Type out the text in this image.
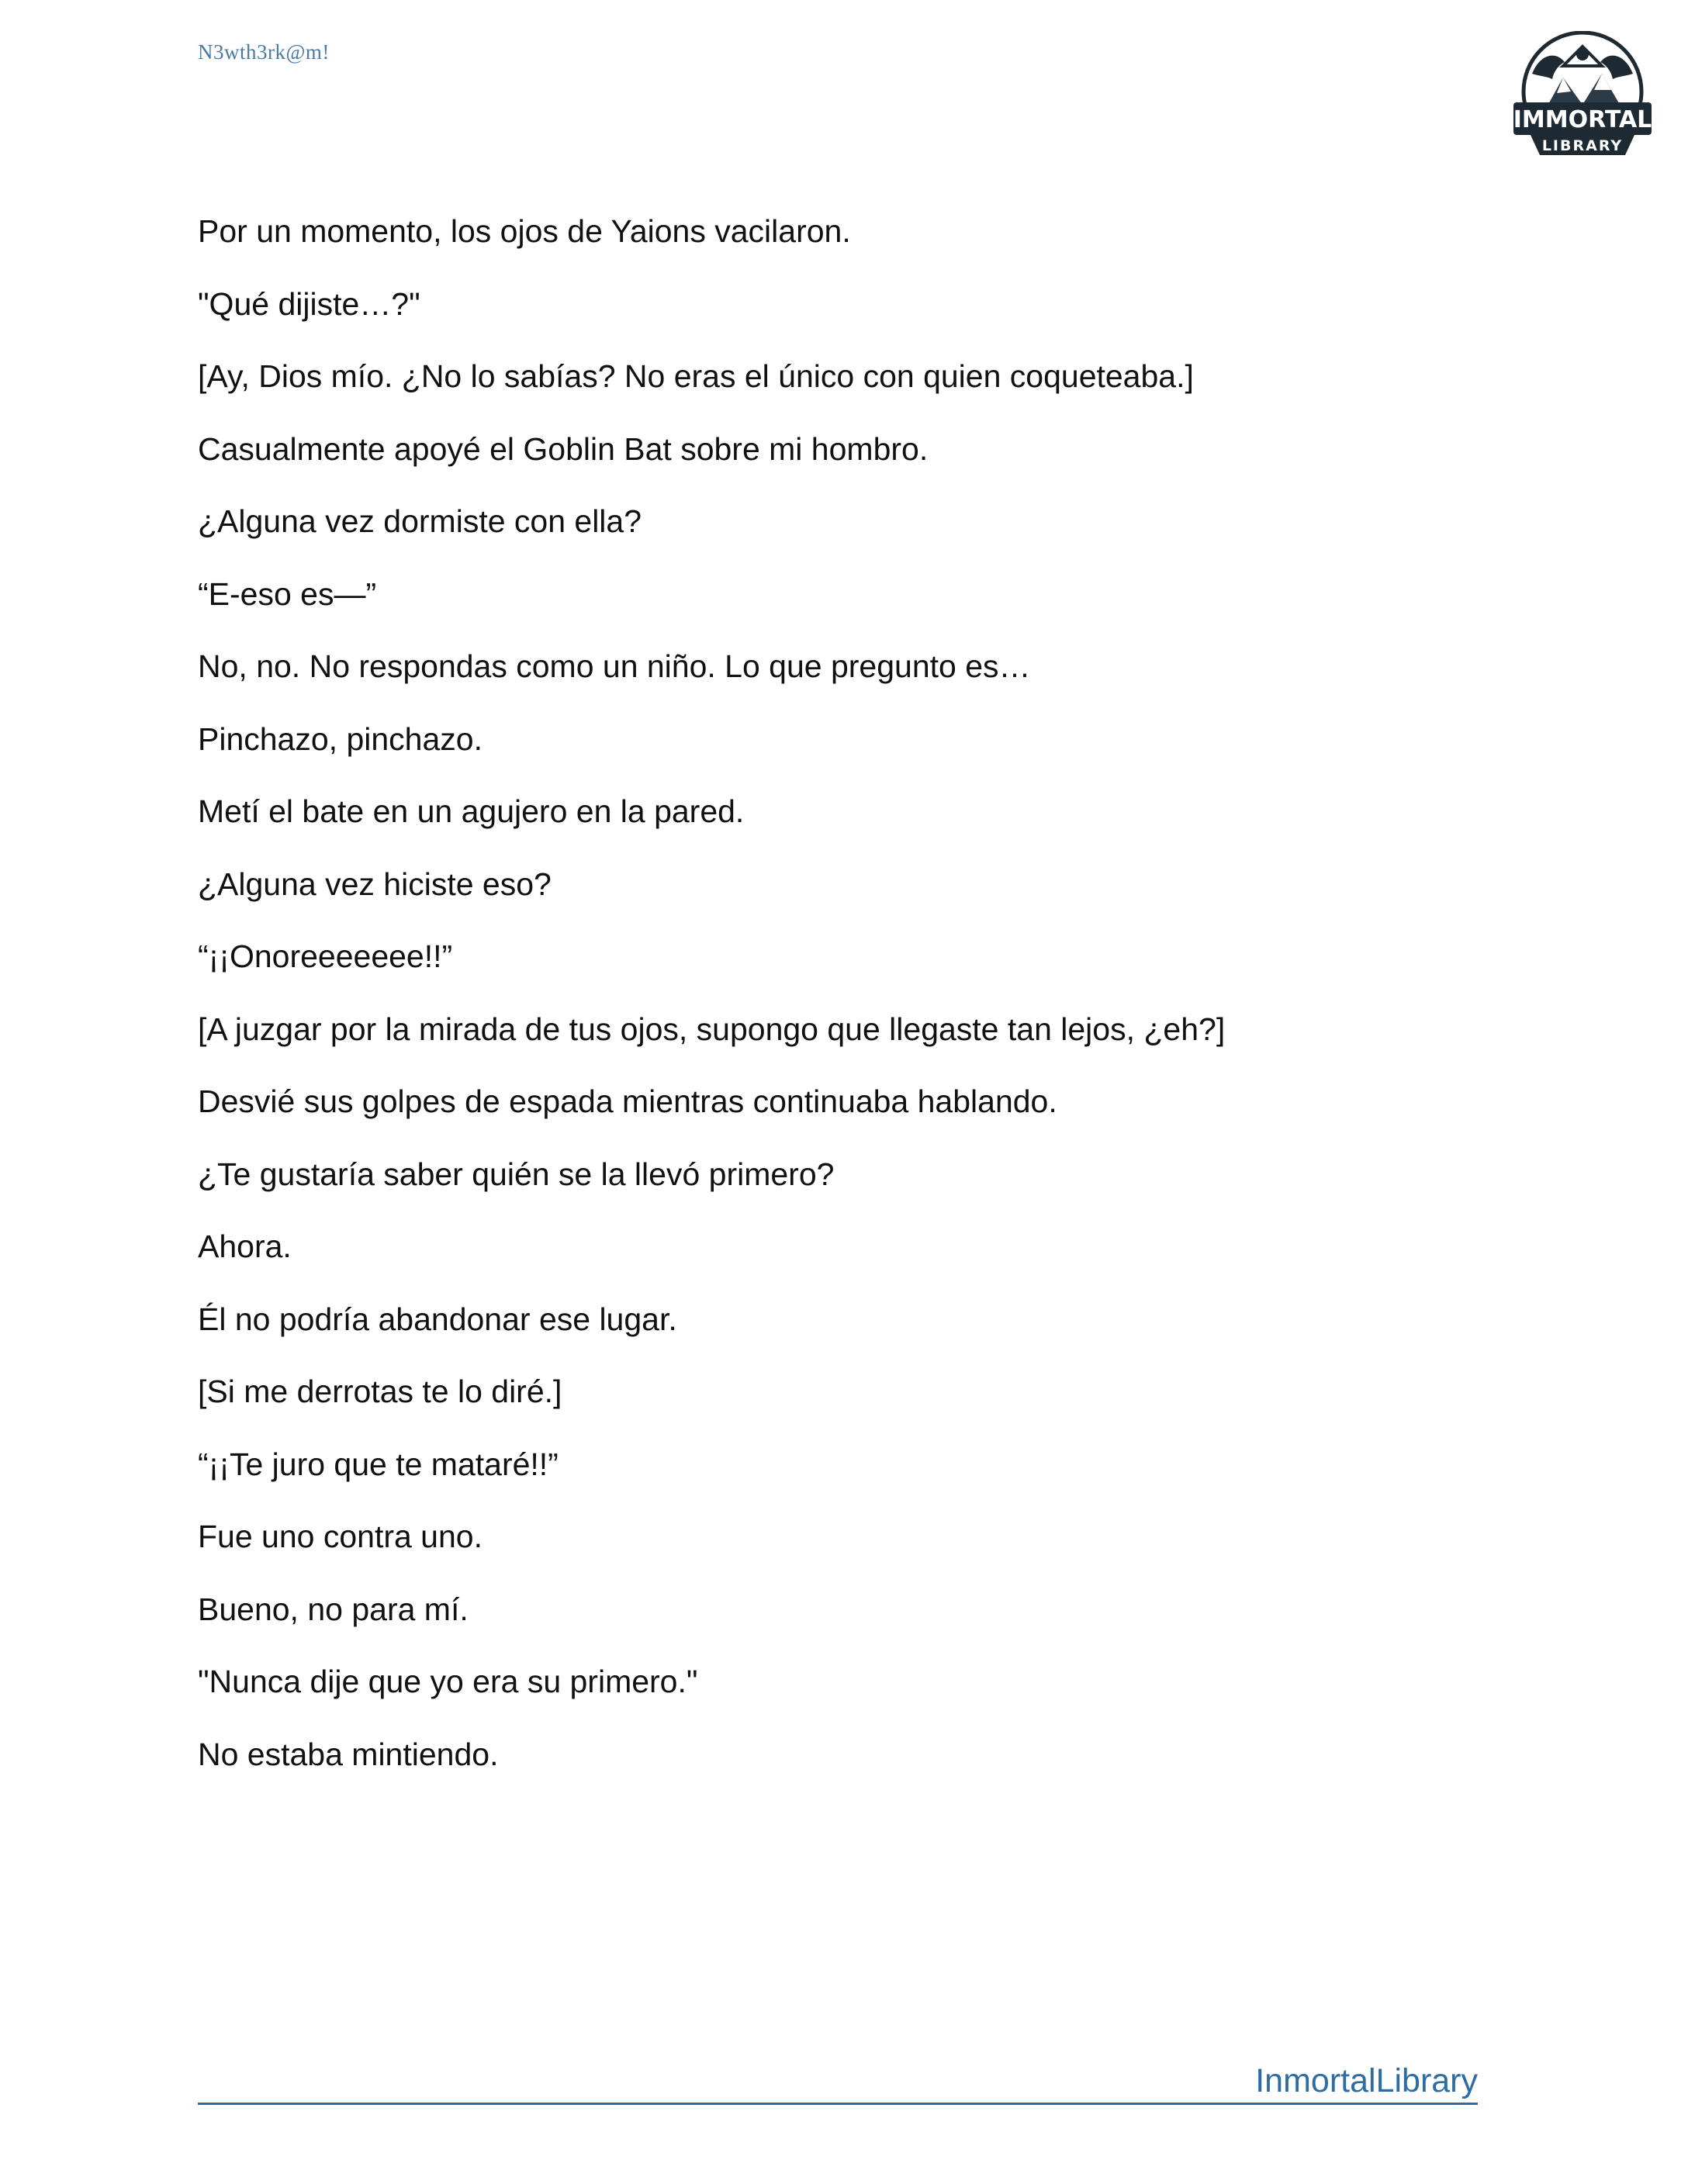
N3wth3rk@m!
IMMORTAL
LIBRARY

Por un momento, los ojos de Yaions vacilaron.

"Qué dijiste…?"

[Ay, Dios mío. ¿No lo sabías? No eras el único con quien coqueteaba.]

Casualmente apoyé el Goblin Bat sobre mi hombro.

¿Alguna vez dormiste con ella?

“E-eso es—”

No, no. No respondas como un niño. Lo que pregunto es…

Pinchazo, pinchazo.

Metí el bate en un agujero en la pared.

¿Alguna vez hiciste eso?

“¡¡Onoreeeeeee!!”

[A juzgar por la mirada de tus ojos, supongo que llegaste tan lejos, ¿eh?]

Desvié sus golpes de espada mientras continuaba hablando.

¿Te gustaría saber quién se la llevó primero?

Ahora.

Él no podría abandonar ese lugar.

[Si me derrotas te lo diré.]

“¡¡Te juro que te mataré!!”

Fue uno contra uno.

Bueno, no para mí.

"Nunca dije que yo era su primero."

No estaba mintiendo.

InmortalLibrary
